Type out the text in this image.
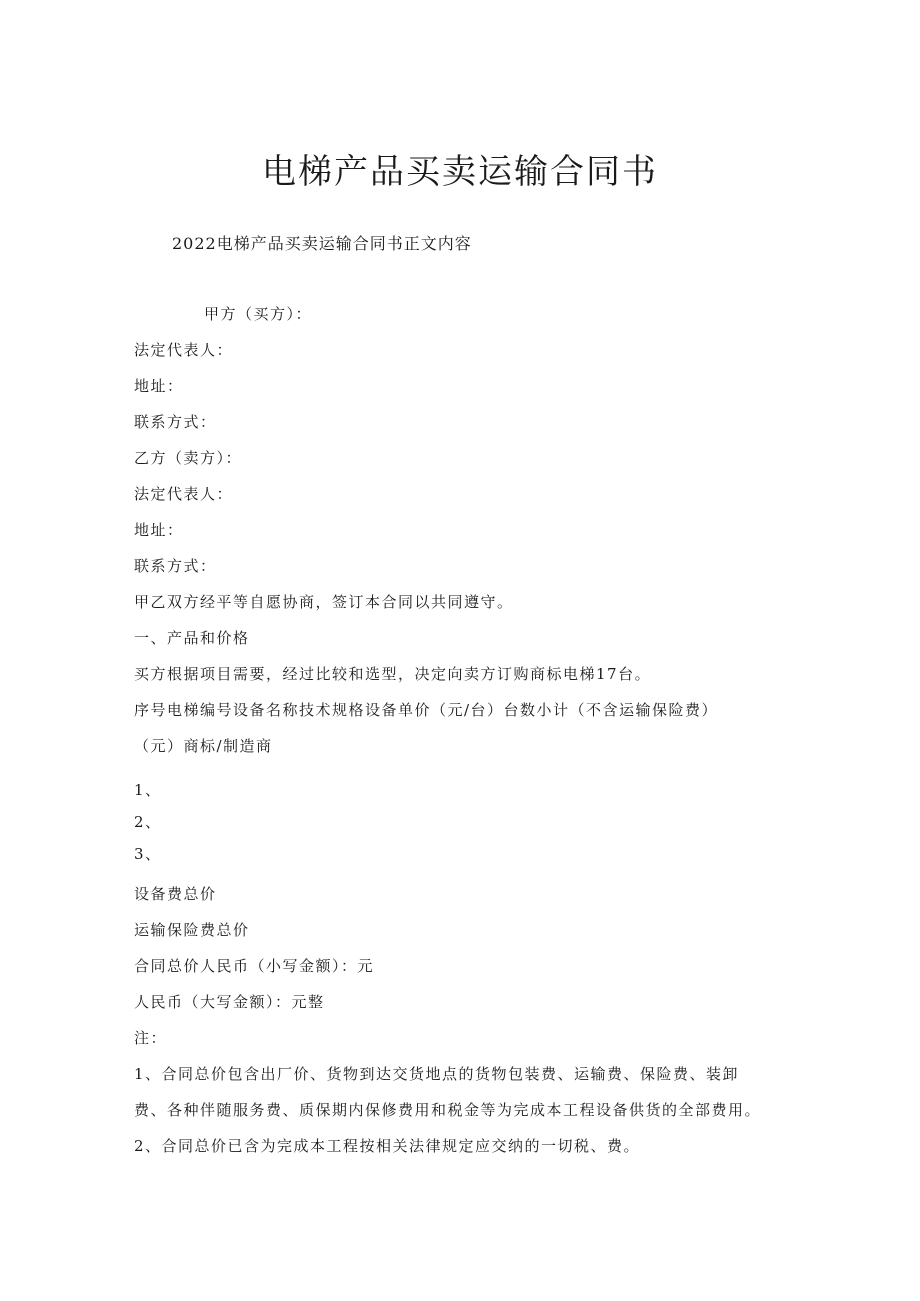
电梯产品买卖运输合同书
2022电梯产品买卖运输合同书正文内容
甲方（买方）：
法定代表人：
地址：
联系方式：
乙方（卖方）：
法定代表人：
地址：
联系方式：
甲乙双方经平等自愿协商，签订本合同以共同遵守。
一、产品和价格
买方根据项目需要，经过比较和选型，决定向卖方订购商标电梯17台。
序号电梯编号设备名称技术规格设备单价（元/台）台数小计（不含运输保险费）
（元）商标/制造商
1、
2、
3、
设备费总价
运输保险费总价
合同总价人民币（小写金额）：元
人民币（大写金额）：元整
注：
1、合同总价包含出厂价、货物到达交货地点的货物包装费、运输费、保险费、装卸
费、各种伴随服务费、质保期内保修费用和税金等为完成本工程设备供货的全部费用。
2、合同总价已含为完成本工程按相关法律规定应交纳的一切税、费。
